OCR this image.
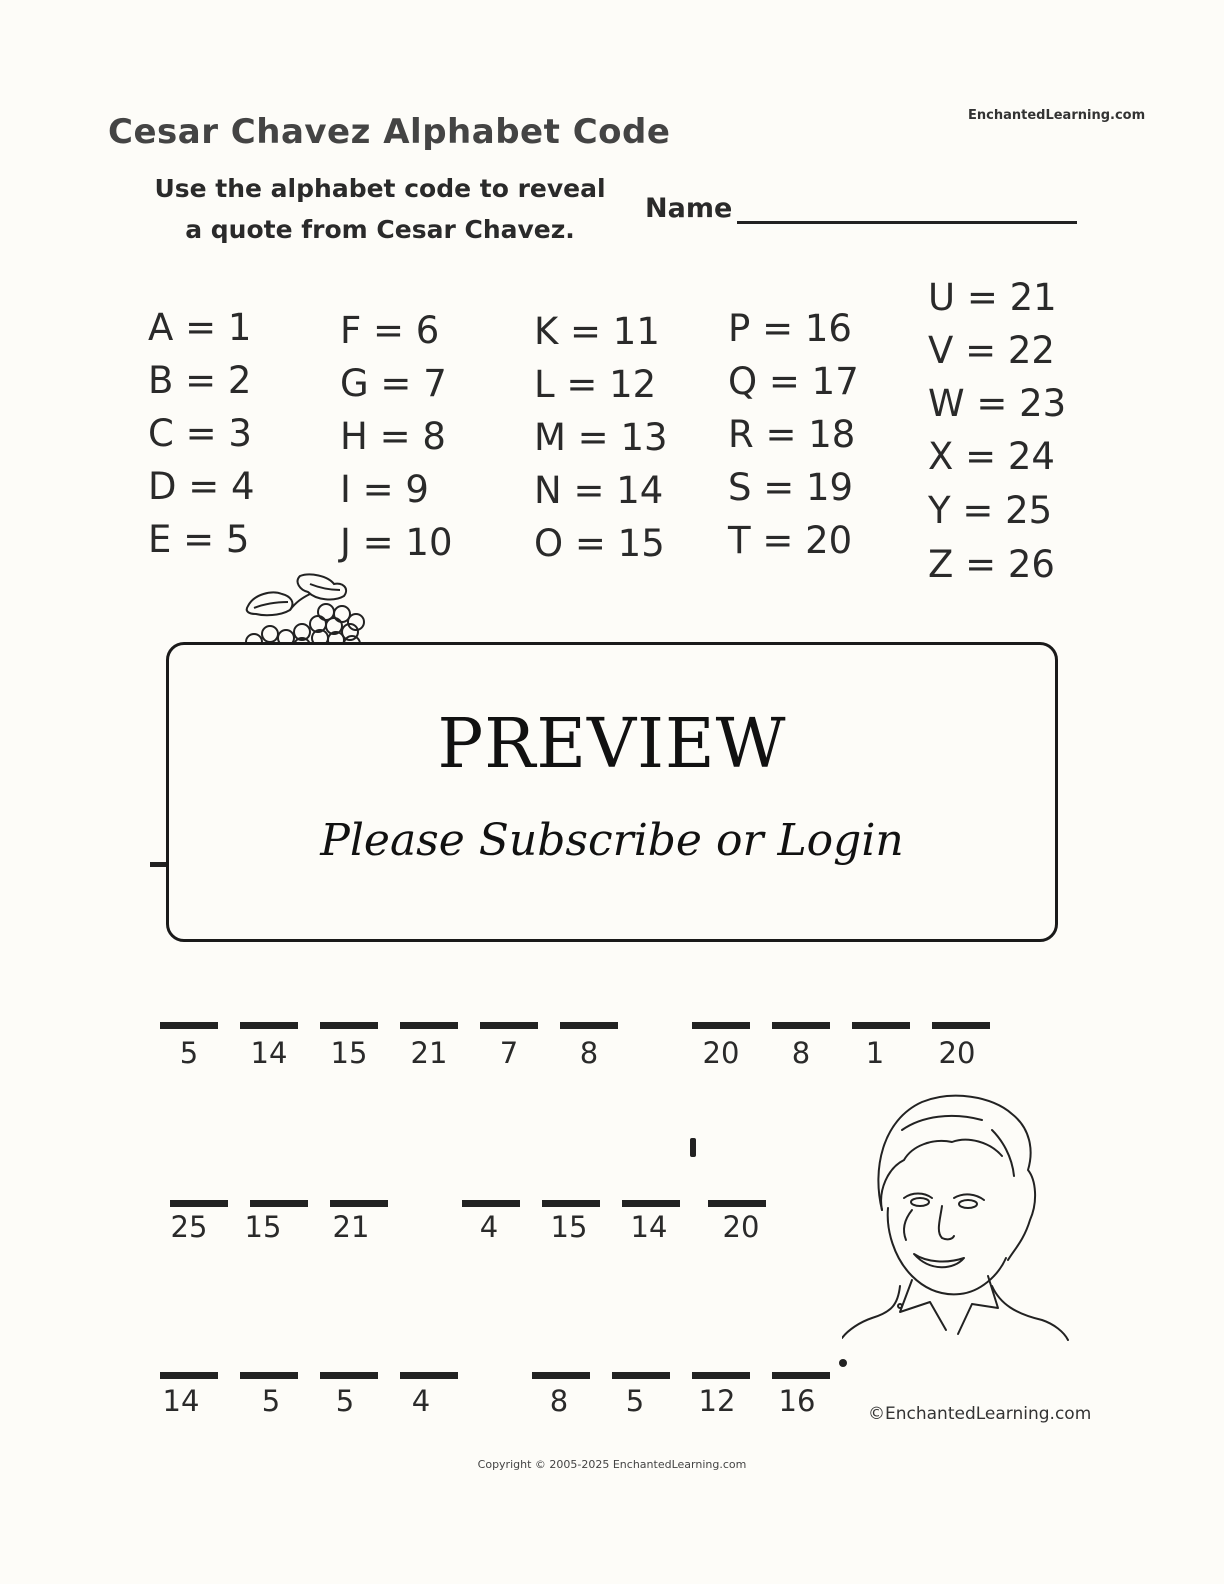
EnchantedLearning.com
Cesar Chavez Alphabet Code
Use the alphabet code to reveal
a quote from Cesar Chavez.
Name
A = 1
B = 2
C = 3
D = 4
E = 5
F = 6
G = 7
H = 8
I = 9
J = 10
K = 11
L = 12
M = 13
N = 14
O = 15
P = 16
Q = 17
R = 18
S = 19
T = 20
U = 21
V = 22
W = 23
X = 24
Y = 25
Z = 26
PREVIEW
Please Subscribe or Login
5	14	15	21	7	8	20	8	1	20
25	15	21	4	15	14	20
14	5	5	4	8	5	12	16	©EnchantedLearning.com
Copyright © 2005-2025 EnchantedLearning.com
